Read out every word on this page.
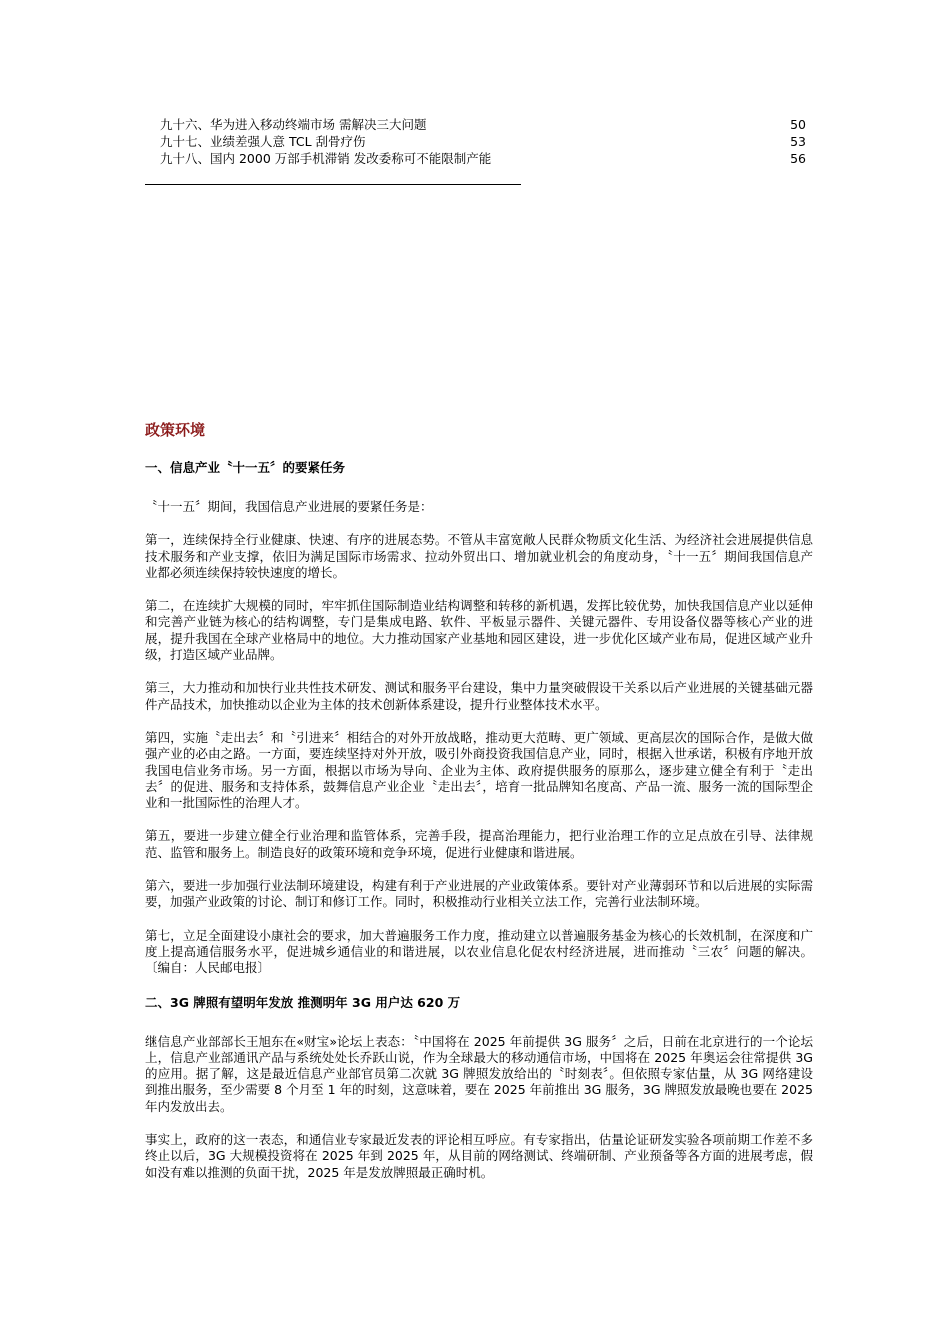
九十六、华为进入移动终端市场 需解决三大问题	50
九十七、业绩差强人意 TCL 刮骨疗伤	53
九十八、国内 2000 万部手机滞销 发改委称可不能限制产能	56
政策环境
一、信息产业〝十一五〞的要紧任务

〝十一五〞期间，我国信息产业进展的要紧任务是：

第一，连续保持全行业健康、快速、有序的进展态势。不管从丰富宽敞人民群众物质文化生活、为经济社会进展提供信息技术服务和产业支撑，依旧为满足国际市场需求、拉动外贸出口、增加就业机会的角度动身，〝十一五〞期间我国信息产业都必须连续保持较快速度的增长。

第二，在连续扩大规模的同时，牢牢抓住国际制造业结构调整和转移的新机遇，发挥比较优势，加快我国信息产业以延伸和完善产业链为核心的结构调整，专门是集成电路、软件、平板显示器件、关键元器件、专用设备仪器等核心产业的进展，提升我国在全球产业格局中的地位。大力推动国家产业基地和园区建设，进一步优化区域产业布局，促进区域产业升级，打造区域产业品牌。

第三，大力推动和加快行业共性技术研发、测试和服务平台建设，集中力量突破假设干关系以后产业进展的关键基础元器件产品技术，加快推动以企业为主体的技术创新体系建设，提升行业整体技术水平。

第四，实施〝走出去〞和〝引进来〞相结合的对外开放战略，推动更大范畴、更广领域、更高层次的国际合作，是做大做强产业的必由之路。一方面，要连续坚持对外开放，吸引外商投资我国信息产业，同时，根据入世承诺，积极有序地开放我国电信业务市场。另一方面，根据以市场为导向、企业为主体、政府提供服务的原那么，逐步建立健全有利于〝走出去〞的促进、服务和支持体系，鼓舞信息产业企业〝走出去〞，培育一批品牌知名度高、产品一流、服务一流的国际型企业和一批国际性的治理人才。

第五，要进一步建立健全行业治理和监管体系，完善手段，提高治理能力，把行业治理工作的立足点放在引导、法律规范、监管和服务上。制造良好的政策环境和竞争环境，促进行业健康和谐进展。

第六，要进一步加强行业法制环境建设，构建有利于产业进展的产业政策体系。要针对产业薄弱环节和以后进展的实际需要，加强产业政策的讨论、制订和修订工作。同时，积极推动行业相关立法工作，完善行业法制环境。

第七，立足全面建设小康社会的要求，加大普遍服务工作力度，推动建立以普遍服务基金为核心的长效机制，在深度和广度上提高通信服务水平，促进城乡通信业的和谐进展，以农业信息化促农村经济进展，进而推动〝三农〞问题的解决。〔编自：人民邮电报〕

二、3G 牌照有望明年发放 推测明年 3G 用户达 620 万

继信息产业部部长王旭东在«财宝»论坛上表态：〝中国将在 2025 年前提供 3G 服务〞之后，日前在北京进行的一个论坛上，信息产业部通讯产品与系统处处长乔跃山说，作为全球最大的移动通信市场，中国将在 2025 年奥运会往常提供 3G 的应用。据了解，这是最近信息产业部官员第二次就 3G 牌照发放给出的〝时刻表〞。但依照专家估量，从 3G 网络建设到推出服务，至少需要 8 个月至 1 年的时刻，这意味着，要在 2025 年前推出 3G 服务，3G 牌照发放最晚也要在 2025 年内发放出去。

事实上，政府的这一表态，和通信业专家最近发表的评论相互呼应。有专家指出，估量论证研发实验各项前期工作差不多终止以后，3G 大规模投资将在 2025 年到 2025 年，从目前的网络测试、终端研制、产业预备等各方面的进展考虑，假如没有难以推测的负面干扰，2025 年是发放牌照最正确时机。
